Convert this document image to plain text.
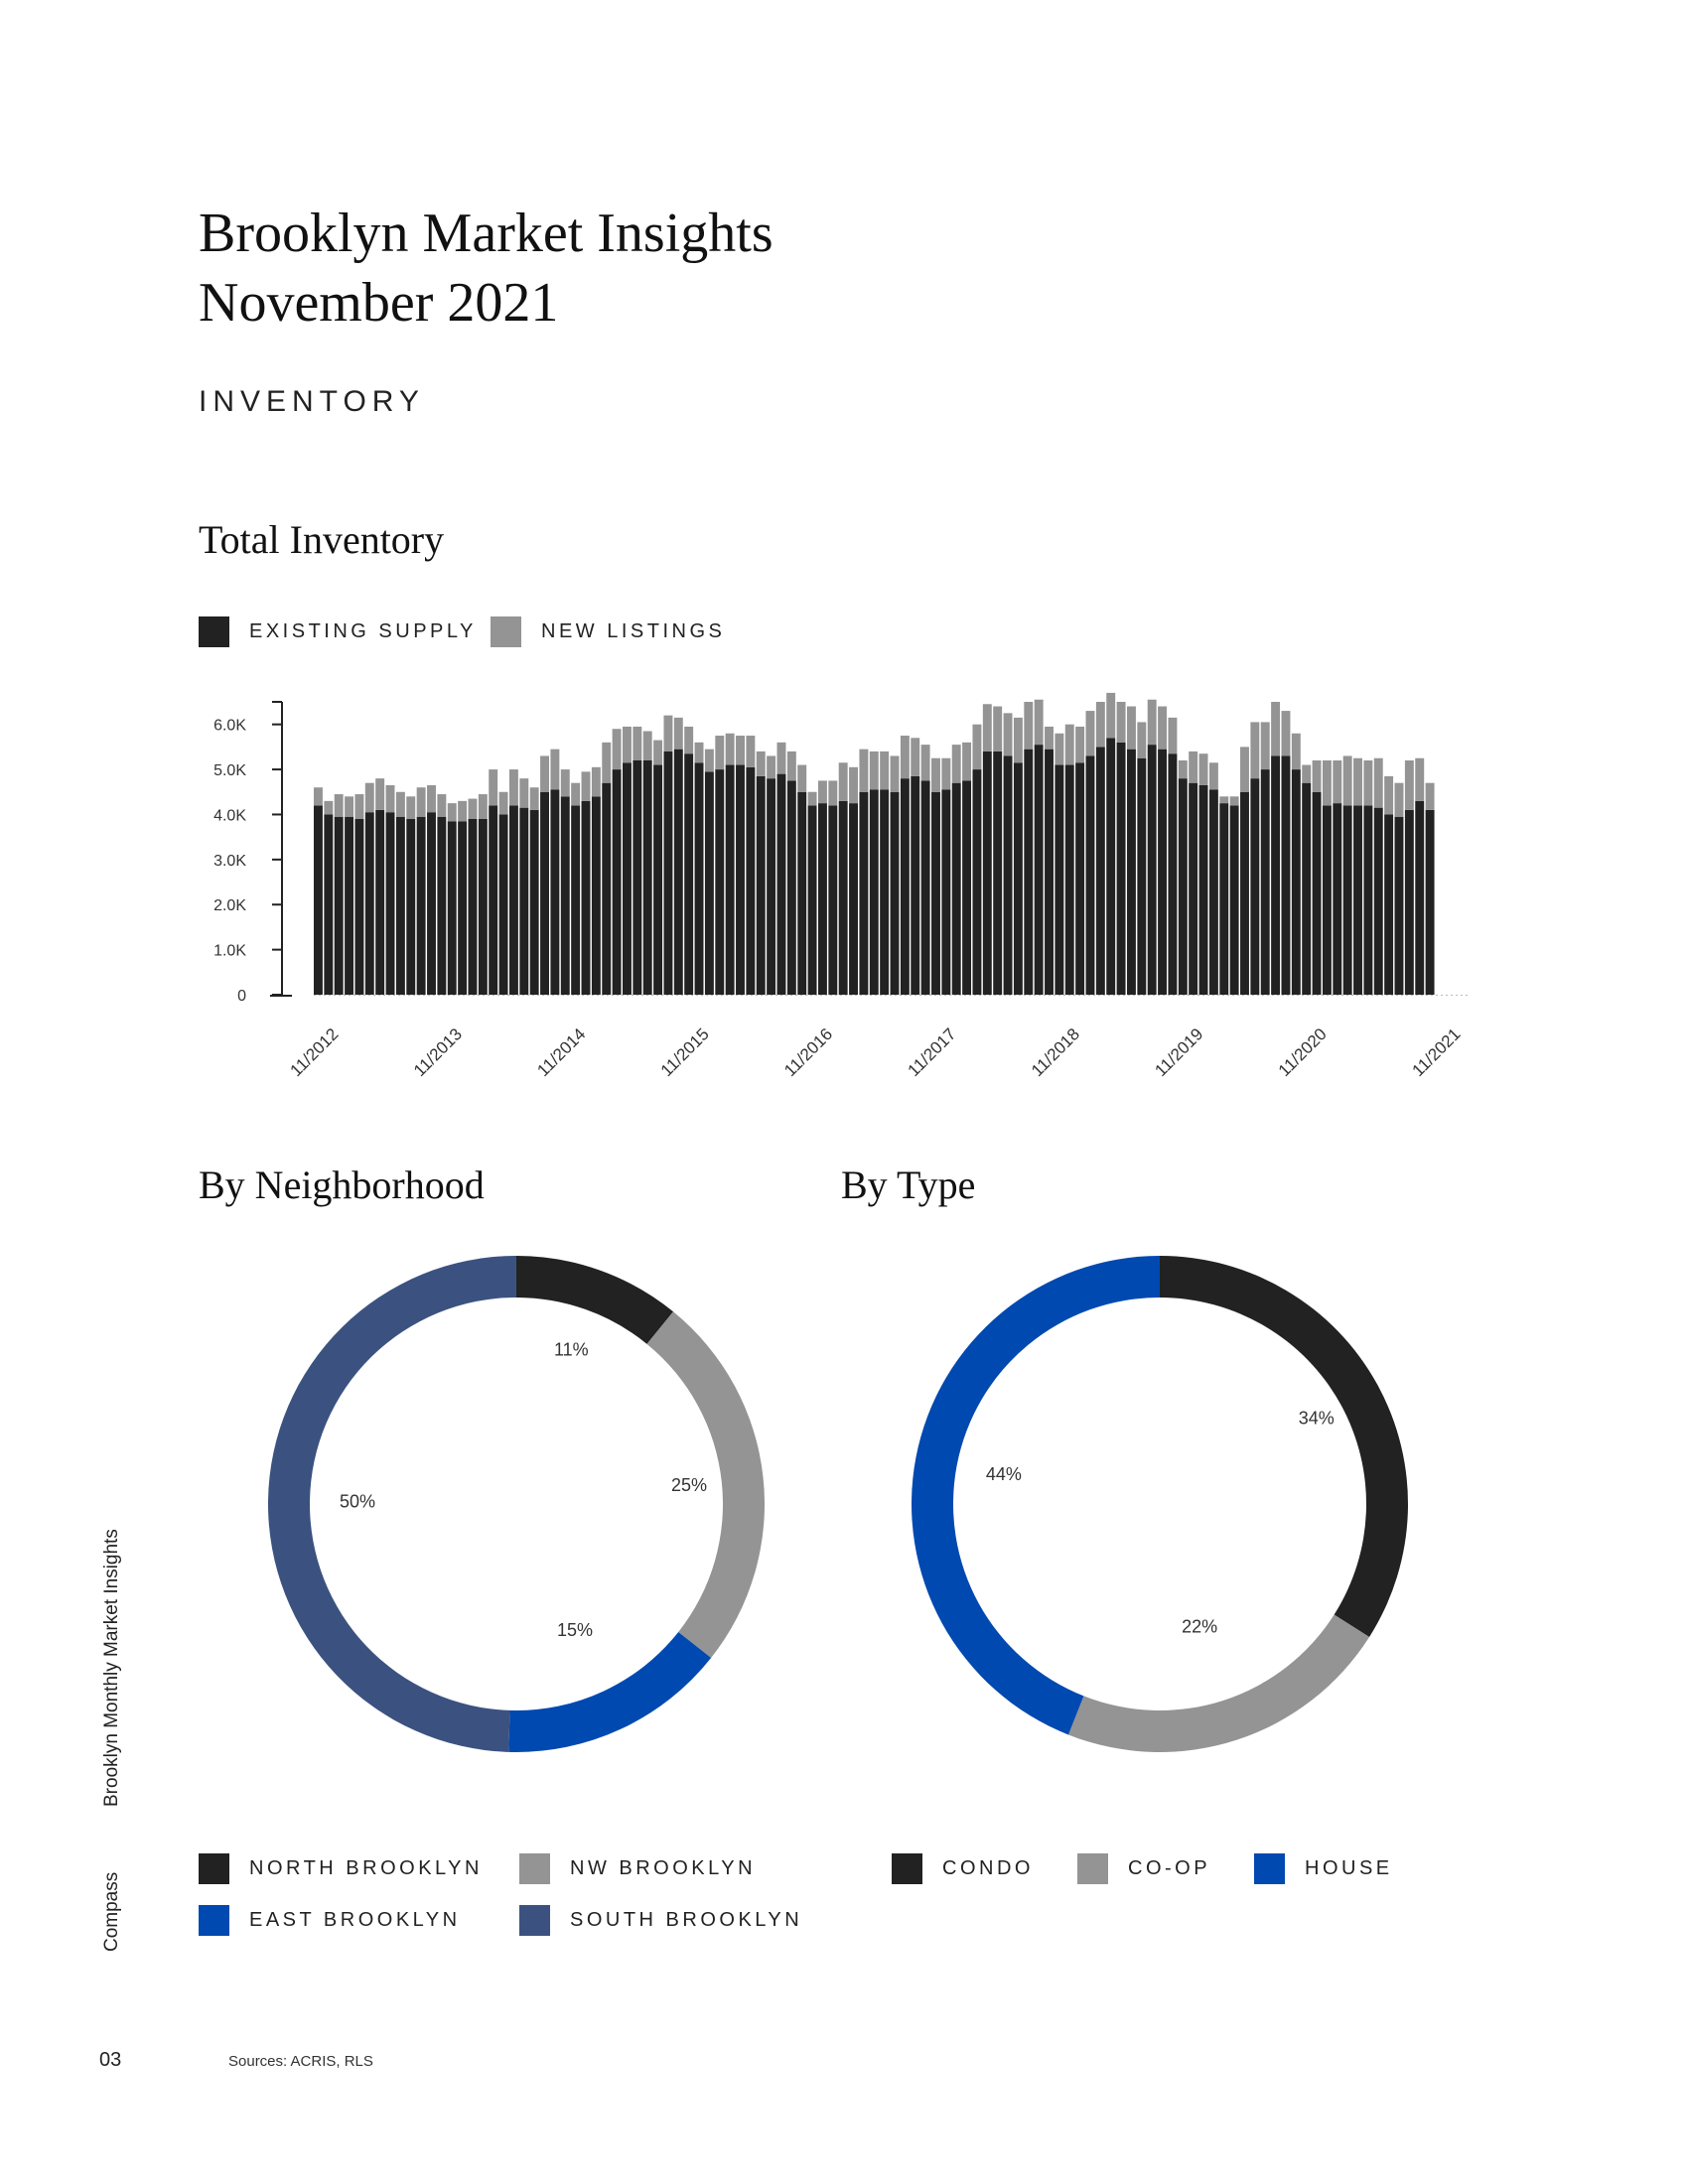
Brooklyn Market Insights
November 2021
INVENTORY
Total Inventory
EXISTING SUPPLY	NEW LISTINGS
0
1.0K
2.0K
3.0K
4.0K
5.0K
6.0K
11/2012	11/2013	11/2014	11/2015	11/2016	11/2017	11/2018	11/2019	11/2020	11/2021
By Neighborhood	By Type
11%
25%
15%
50%
34%
22%
44%
NORTH BROOKLYN	NW BROOKLYN
EAST BROOKLYN	SOUTH BROOKLYN
CONDO	CO-OP	HOUSE
Brooklyn Monthly Market Insights
Compass
03	Sources: ACRIS, RLS
